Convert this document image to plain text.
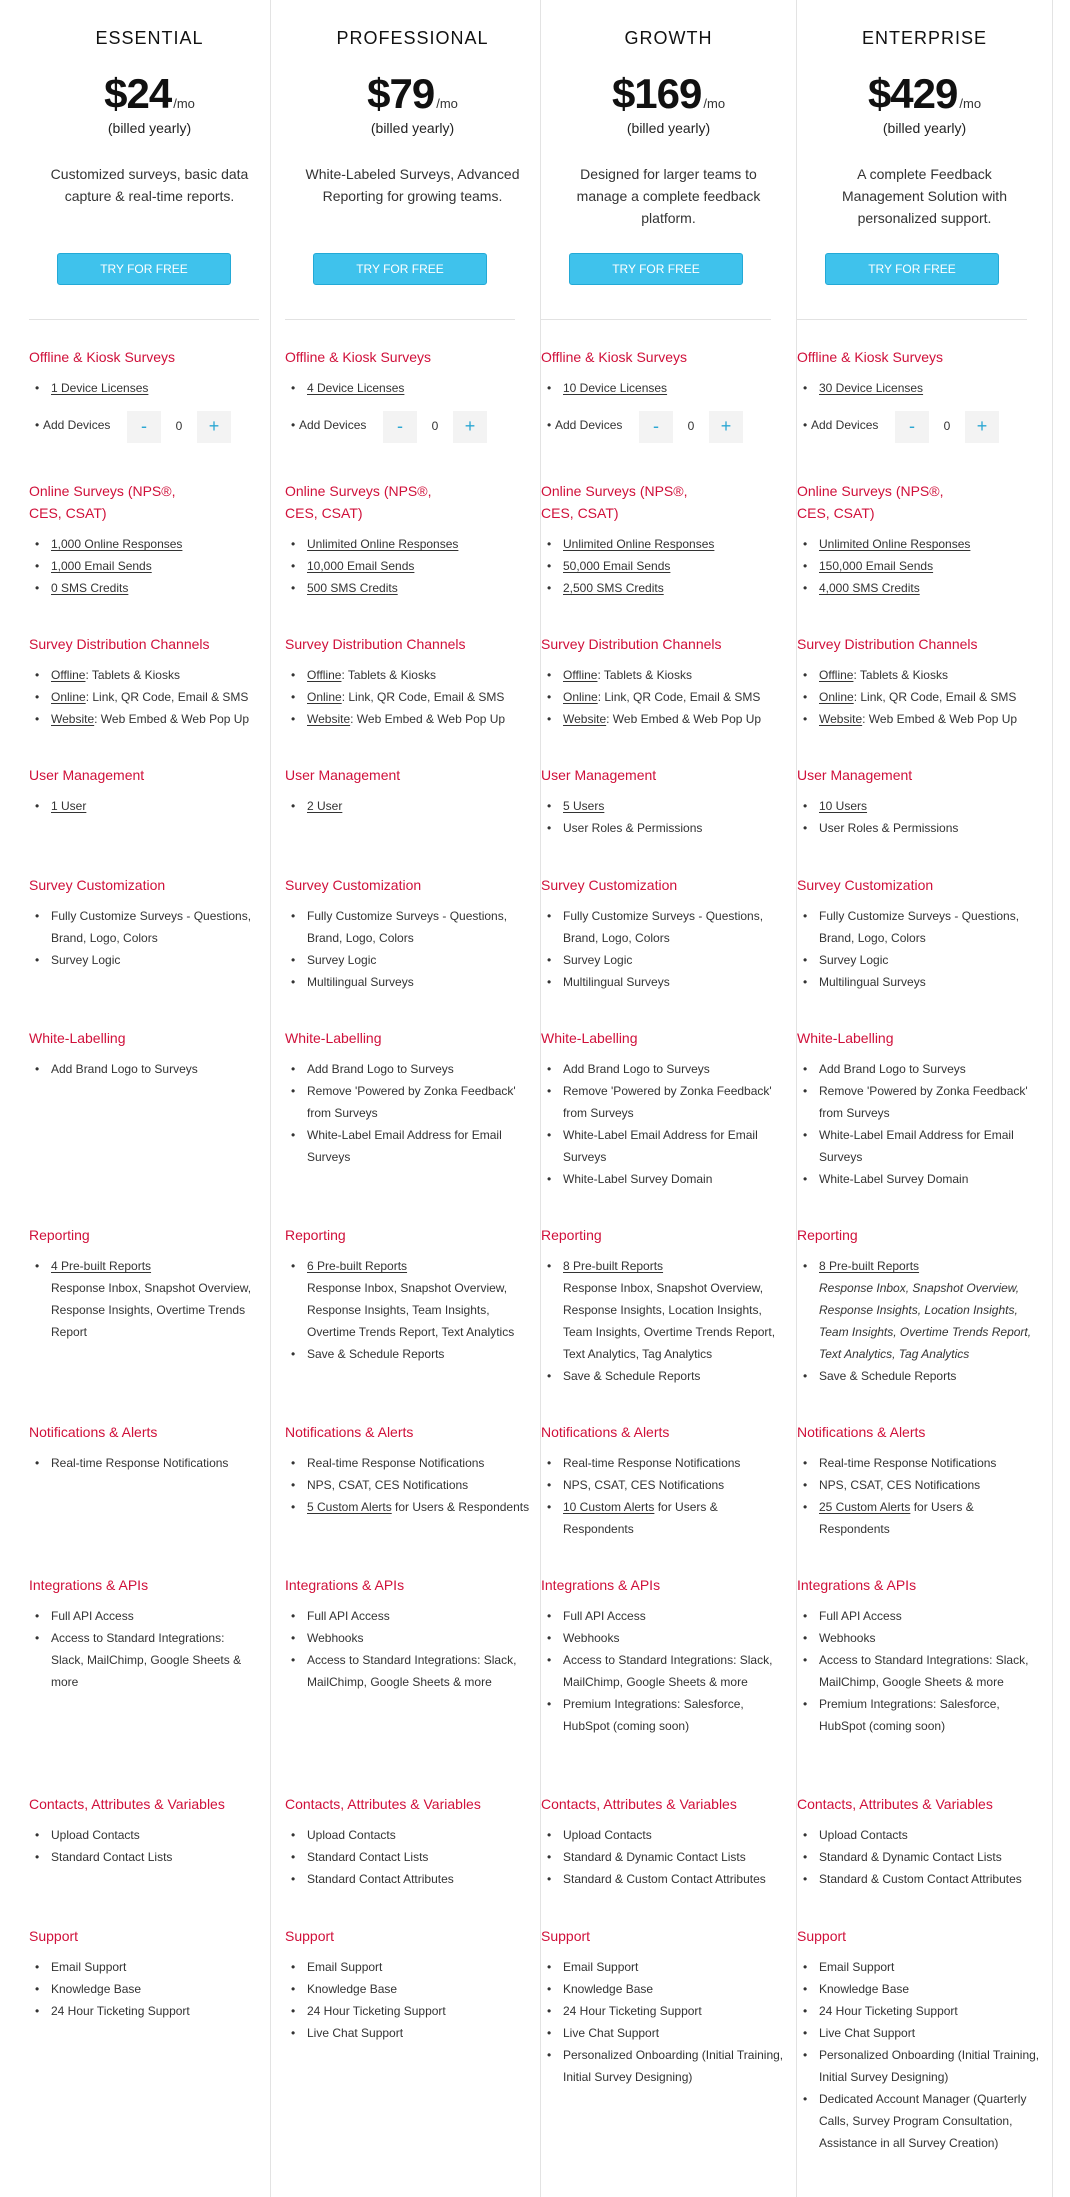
ESSENTIAL
$24 /mo
(billed yearly)
Customized surveys, basic data capture & real-time reports.
TRY FOR FREE
Offline & Kiosk Surveys
• 1 Device Licenses
• Add Devices	-	0	+
Online Surveys (NPS®, CES, CSAT)
• 1,000 Online Responses
• 1,000 Email Sends
• 0 SMS Credits
Survey Distribution Channels
• Offline: Tablets & Kiosks
• Online: Link, QR Code, Email & SMS
• Website: Web Embed & Web Pop Up
User Management
• 1 User
Survey Customization
• Fully Customize Surveys - Questions, Brand, Logo, Colors
• Survey Logic
White-Labelling
• Add Brand Logo to Surveys
Reporting
• 4 Pre-built Reports
Response Inbox, Snapshot Overview, Response Insights, Overtime Trends Report
Notifications & Alerts
• Real-time Response Notifications
Integrations & APIs
• Full API Access
• Access to Standard Integrations: Slack, MailChimp, Google Sheets & more
Contacts, Attributes & Variables
• Upload Contacts
• Standard Contact Lists
Support
• Email Support
• Knowledge Base
• 24 Hour Ticketing Support
PROFESSIONAL
$79 /mo
(billed yearly)
White-Labeled Surveys, Advanced Reporting for growing teams.
TRY FOR FREE
Offline & Kiosk Surveys
• 4 Device Licenses
• Add Devices	-	0	+
Online Surveys (NPS®, CES, CSAT)
• Unlimited Online Responses
• 10,000 Email Sends
• 500 SMS Credits
Survey Distribution Channels
• Offline: Tablets & Kiosks
• Online: Link, QR Code, Email & SMS
• Website: Web Embed & Web Pop Up
User Management
• 2 User
Survey Customization
• Fully Customize Surveys - Questions, Brand, Logo, Colors
• Survey Logic
• Multilingual Surveys
White-Labelling
• Add Brand Logo to Surveys
• Remove 'Powered by Zonka Feedback' from Surveys
• White-Label Email Address for Email Surveys
Reporting
• 6 Pre-built Reports
Response Inbox, Snapshot Overview, Response Insights, Team Insights, Overtime Trends Report, Text Analytics
• Save & Schedule Reports
Notifications & Alerts
• Real-time Response Notifications
• NPS, CSAT, CES Notifications
• 5 Custom Alerts for Users & Respondents
Integrations & APIs
• Full API Access
• Webhooks
• Access to Standard Integrations: Slack, MailChimp, Google Sheets & more
Contacts, Attributes & Variables
• Upload Contacts
• Standard Contact Lists
• Standard Contact Attributes
Support
• Email Support
• Knowledge Base
• 24 Hour Ticketing Support
• Live Chat Support
GROWTH
$169 /mo
(billed yearly)
Designed for larger teams to manage a complete feedback platform.
TRY FOR FREE
Offline & Kiosk Surveys
• 10 Device Licenses
• Add Devices	-	0	+
Online Surveys (NPS®, CES, CSAT)
• Unlimited Online Responses
• 50,000 Email Sends
• 2,500 SMS Credits
Survey Distribution Channels
• Offline: Tablets & Kiosks
• Online: Link, QR Code, Email & SMS
• Website: Web Embed & Web Pop Up
User Management
• 5 Users
• User Roles & Permissions
Survey Customization
• Fully Customize Surveys - Questions, Brand, Logo, Colors
• Survey Logic
• Multilingual Surveys
White-Labelling
• Add Brand Logo to Surveys
• Remove 'Powered by Zonka Feedback' from Surveys
• White-Label Email Address for Email Surveys
• White-Label Survey Domain
Reporting
• 8 Pre-built Reports
Response Inbox, Snapshot Overview, Response Insights, Location Insights, Team Insights, Overtime Trends Report, Text Analytics, Tag Analytics
• Save & Schedule Reports
Notifications & Alerts
• Real-time Response Notifications
• NPS, CSAT, CES Notifications
• 10 Custom Alerts for Users & Respondents
Integrations & APIs
• Full API Access
• Webhooks
• Access to Standard Integrations: Slack, MailChimp, Google Sheets & more
• Premium Integrations: Salesforce, HubSpot (coming soon)
Contacts, Attributes & Variables
• Upload Contacts
• Standard & Dynamic Contact Lists
• Standard & Custom Contact Attributes
Support
• Email Support
• Knowledge Base
• 24 Hour Ticketing Support
• Live Chat Support
• Personalized Onboarding (Initial Training, Initial Survey Designing)
ENTERPRISE
$429 /mo
(billed yearly)
A complete Feedback Management Solution with personalized support.
TRY FOR FREE
Offline & Kiosk Surveys
• 30 Device Licenses
• Add Devices	-	0	+
Online Surveys (NPS®, CES, CSAT)
• Unlimited Online Responses
• 150,000 Email Sends
• 4,000 SMS Credits
Survey Distribution Channels
• Offline: Tablets & Kiosks
• Online: Link, QR Code, Email & SMS
• Website: Web Embed & Web Pop Up
User Management
• 10 Users
• User Roles & Permissions
Survey Customization
• Fully Customize Surveys - Questions, Brand, Logo, Colors
• Survey Logic
• Multilingual Surveys
White-Labelling
• Add Brand Logo to Surveys
• Remove 'Powered by Zonka Feedback' from Surveys
• White-Label Email Address for Email Surveys
• White-Label Survey Domain
Reporting
• 8 Pre-built Reports
Response Inbox, Snapshot Overview, Response Insights, Location Insights, Team Insights, Overtime Trends Report, Text Analytics, Tag Analytics
• Save & Schedule Reports
Notifications & Alerts
• Real-time Response Notifications
• NPS, CSAT, CES Notifications
• 25 Custom Alerts for Users & Respondents
Integrations & APIs
• Full API Access
• Webhooks
• Access to Standard Integrations: Slack, MailChimp, Google Sheets & more
• Premium Integrations: Salesforce, HubSpot (coming soon)
Contacts, Attributes & Variables
• Upload Contacts
• Standard & Dynamic Contact Lists
• Standard & Custom Contact Attributes
Support
• Email Support
• Knowledge Base
• 24 Hour Ticketing Support
• Live Chat Support
• Personalized Onboarding (Initial Training, Initial Survey Designing)
• Dedicated Account Manager (Quarterly Calls, Survey Program Consultation, Assistance in all Survey Creation)
